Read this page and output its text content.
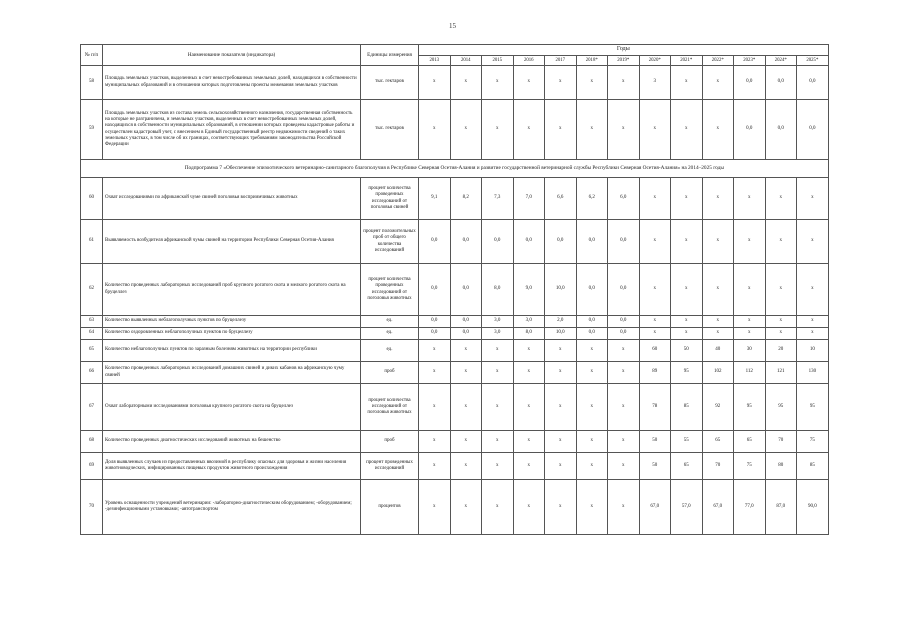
15
№ п/п	Наименование показателя (индикатора)	Единицы измерения	Годы												
			2013	2014	2015	2016	2017	2018*	2019*	2020*	2021*	2022*	2023*	2024*	2025*
58	Площадь земельных участков, выделенных в счет невостребованных земельных долей, находящихся в собственности муниципальных образований и в отношении которых подготовлены проекты межевания земельных участков	тыс. гектаров	х	х	х	х	х	х	х	3	х	х	0,0	0,0	0,0
59	Площадь земельных участков из состава земель сельскохозяйственного назначения, государственная собственность на которые не разграничена, и земельных участков, выделенных в счет невостребованных земельных долей, находящихся в собственности муниципальных образований, в отношении которых проведены кадастровые работы и осуществлен кадастровый учет, с внесением в Единый государственный реестр недвижимости сведений о таких земельных участках, в том числе об их границах, соответствующих требованиям законодательства Российской Федерации	тыс. гектаров	х	х	х	х	х	х	х	х	х	х	0,0	0,0	0,0
Подпрограмма 7 «Обеспечение эпизоотического ветеринарно-санитарного благополучия в Республике Северная Осетия-Алания и развитие государственной ветеринарной службы Республики Северная Осетия-Алания» на 2014–2025 годы															
60	Охват исследованиями по африканской чуме свиней поголовья восприимчивых животных	процент количества проведенных исследований от поголовья свиней	9,1	8,2	7,3	7,0	6,6	6,2	6,0	х	х	х	х	х	х
61	Выявляемость возбудителя африканской чумы свиней на территории Республики Северная Осетия-Алания	процент положительных проб от общего количества исследований	0,0	0,0	0,0	0,0	0,0	0,0	0,0	х	х	х	х	х	х
62	Количество проведенных лабораторных исследований проб крупного рогатого скота и мелкого рогатого скота на бруцеллез	процент количества проведенных исследований от поголовья животных	0,0	0,0	8,0	9,0	10,0	0,0	0,0	х	х	х	х	х	х
63	Количество выявленных неблагополучных пунктов по бруцеллезу	ед.	0,0	0,0	3,0	3,0	2,0	0,0	0,0	х	х	х	х	х	х
64	Количество оздоровленных неблагополучных пунктов по бруцеллезу	ед.	0,0	0,0	3,0	8,0	10,0	0,0	0,0	х	х	х	х	х	х
65	Количество неблагополучных пунктов по заразным болезням животных на территории республики	ед.	х	х	х	х	х	х	х	60	50	40	30	20	10
66	Количество проведенных лабораторных исследований домашних свиней и диких кабанов на африканскую чуму свиней	проб	х	х	х	х	х	х	х	89	95	102	112	121	130
67	Охват лабораторными исследованиями поголовья крупного рогатого скота на бруцеллез	процент количества исследований от поголовья животных	х	х	х	х	х	х	х	78	85	92	95	95	95
68	Количество проведенных диагностических исследований животных на бешенство	проб	х	х	х	х	х	х	х	50	55	65	65	70	75
69	Доля выявленных случаев из предоставленных ввозимой в республику опасных для здоровья и жизни населения животноводческих, инфицированных пищевых продуктов животного происхождения	процент проведенных исследований	х	х	х	х	х	х	х	50	65	70	75	80	85
70	Уровень оснащенности учреждений ветеринарии: -лабораторно-диагностическим оборудованием; -оборудованием; -дезинфекционными установками; -автотранспортом	процентов	х	х	х	х	х	х	х	67,0	57,0	67,0	77,0	87,0	90,0
